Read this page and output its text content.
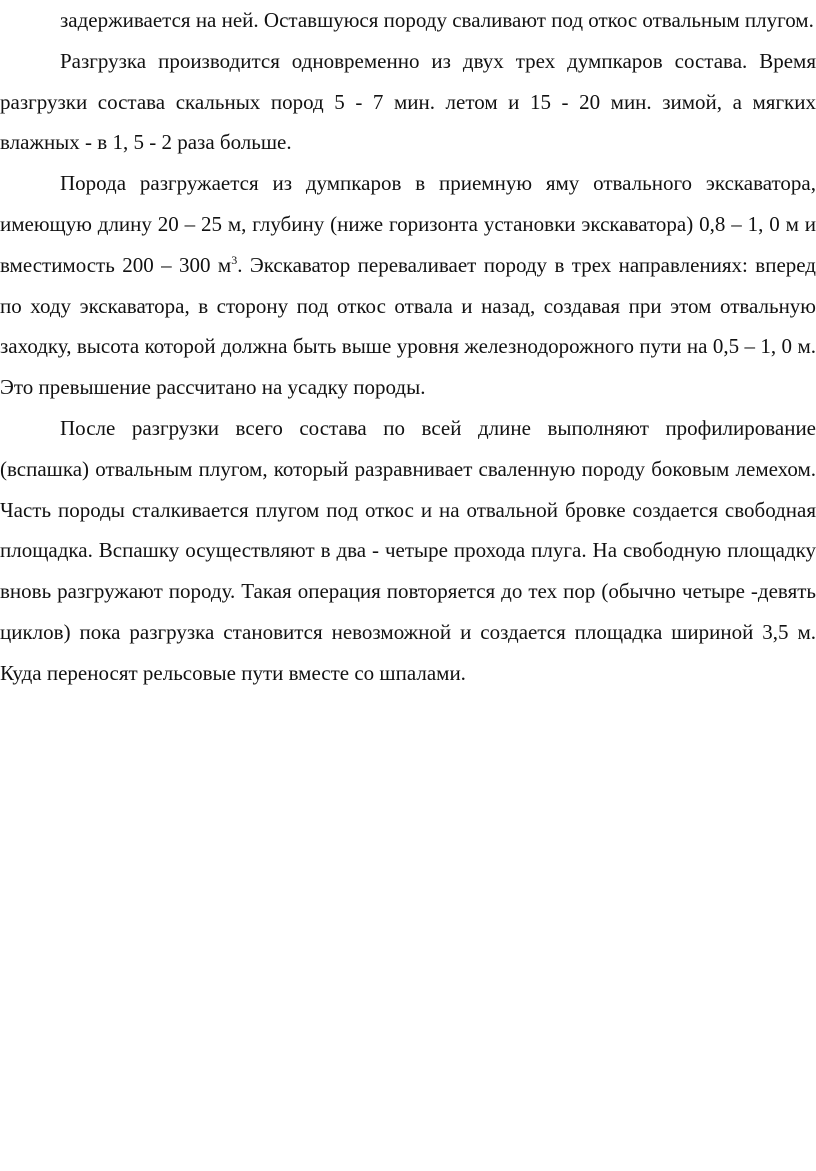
задерживается на ней. Оставшуюся породу сваливают под откос отвальным плугом.

Разгрузка производится одновременно из двух трех думпкаров состава. Время разгрузки состава скальных пород 5 - 7 мин. летом и 15 - 20 мин. зимой, а мягких влажных - в 1, 5 - 2 раза больше.

Порода разгружается из думпкаров в приемную яму отвального экскаватора, имеющую длину 20 – 25 м, глубину (ниже горизонта установки экскаватора) 0,8 – 1, 0 м и вместимость 200 – 300 $м^3$. Экскаватор переваливает породу в трех направлениях: вперед по ходу экскаватора, в сторону под откос отвала и назад, создавая при этом отвальную заходку, высота которой должна быть выше уровня железнодорожного пути на 0,5 – 1, 0 м. Это превышение рассчитано на усадку породы.

После разгрузки всего состава по всей длине выполняют профилирование (вспашка) отвальным плугом, который разравнивает сваленную породу боковым лемехом. Часть породы сталкивается плугом под откос и на отвальной бровке создается свободная площадка. Вспашку осуществляют в два - четыре прохода плуга. На свободную площадку вновь разгружают породу. Такая операция повторяется до тех пор (обычно четыре -девять циклов) пока разгрузка становится невозможной и создается площадка шириной 3,5 м. Куда переносят рельсовые пути вместе со шпалами.
